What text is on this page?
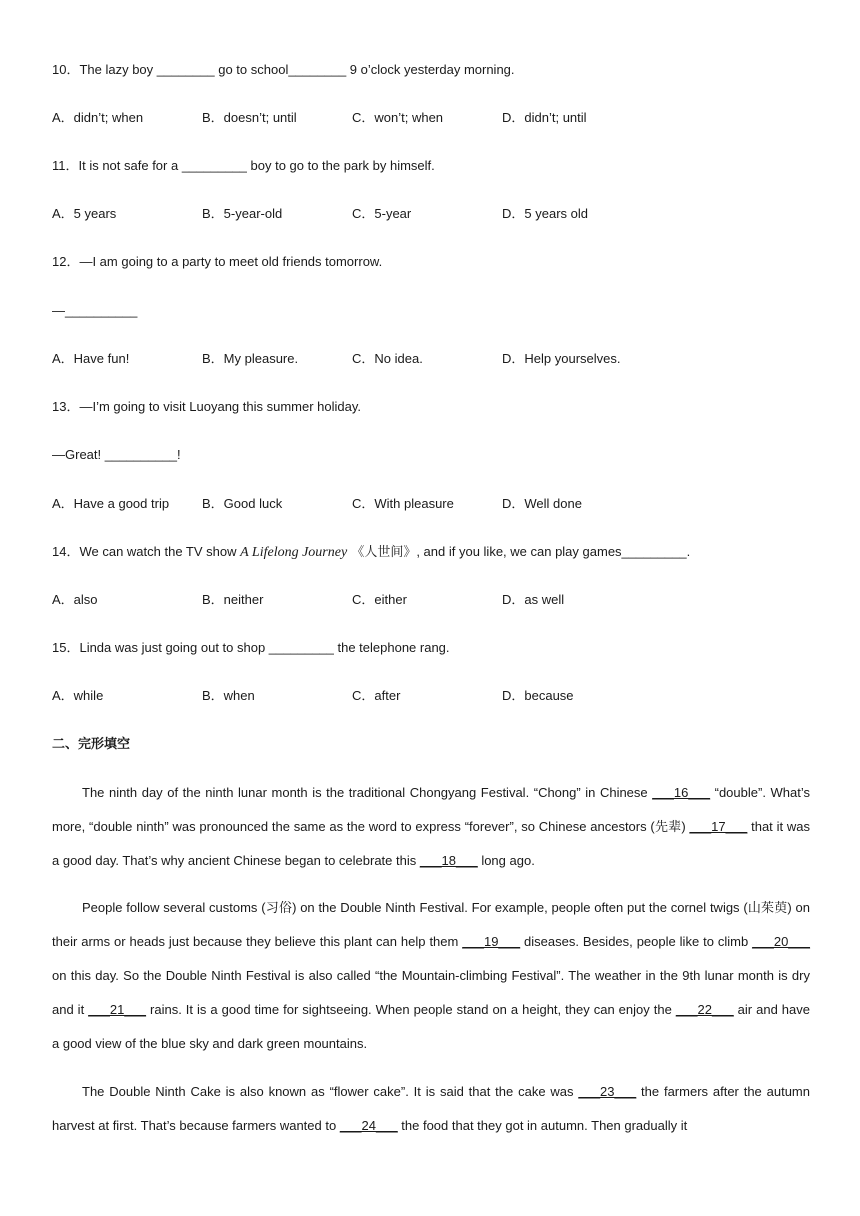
10．The lazy boy ________ go to school________ 9 o’clock yesterday morning.
A．didn’t; when	B．doesn’t; until	C．won’t; when	D．didn’t; until
11．It is not safe for a _________ boy to go to the park by himself.
A．5 years	B．5-year-old	C．5-year	D．5 years old
12．—I am going to a party to meet old friends tomorrow.
—__________
A．Have fun!	B．My pleasure.	C．No idea.	D．Help yourselves.
13．—I’m going to visit Luoyang this summer holiday.
—Great! __________!
A．Have a good trip	B．Good luck	C．With pleasure	D．Well done
14．We can watch the TV show A Lifelong Journey 《人世间》, and if you like, we can play games_________.
A．also	B．neither	C．either	D．as well
15．Linda was just going out to shop _________ the telephone rang.
A．while	B．when	C．after	D．because
二、完形填空
The ninth day of the ninth lunar month is the traditional Chongyang Festival. “Chong” in Chinese ___16___ “double”. What’s more, “double ninth” was pronounced the same as the word to express “forever”, so Chinese ancestors (先辈) ___17___ that it was a good day. That’s why ancient Chinese began to celebrate this ___18___ long ago.
People follow several customs (习俗) on the Double Ninth Festival. For example, people often put the cornel twigs (山茱萸) on their arms or heads just because they believe this plant can help them ___19___ diseases. Besides, people like to climb ___20___ on this day. So the Double Ninth Festival is also called “the Mountain-climbing Festival”. The weather in the 9th lunar month is dry and it ___21___ rains. It is a good time for sightseeing. When people stand on a height, they can enjoy the ___22___ air and have a good view of the blue sky and dark green mountains.
The Double Ninth Cake is also known as “flower cake”. It is said that the cake was ___23___ the farmers after the autumn harvest at first. That’s because farmers wanted to ___24___ the food that they got in autumn. Then gradually it
